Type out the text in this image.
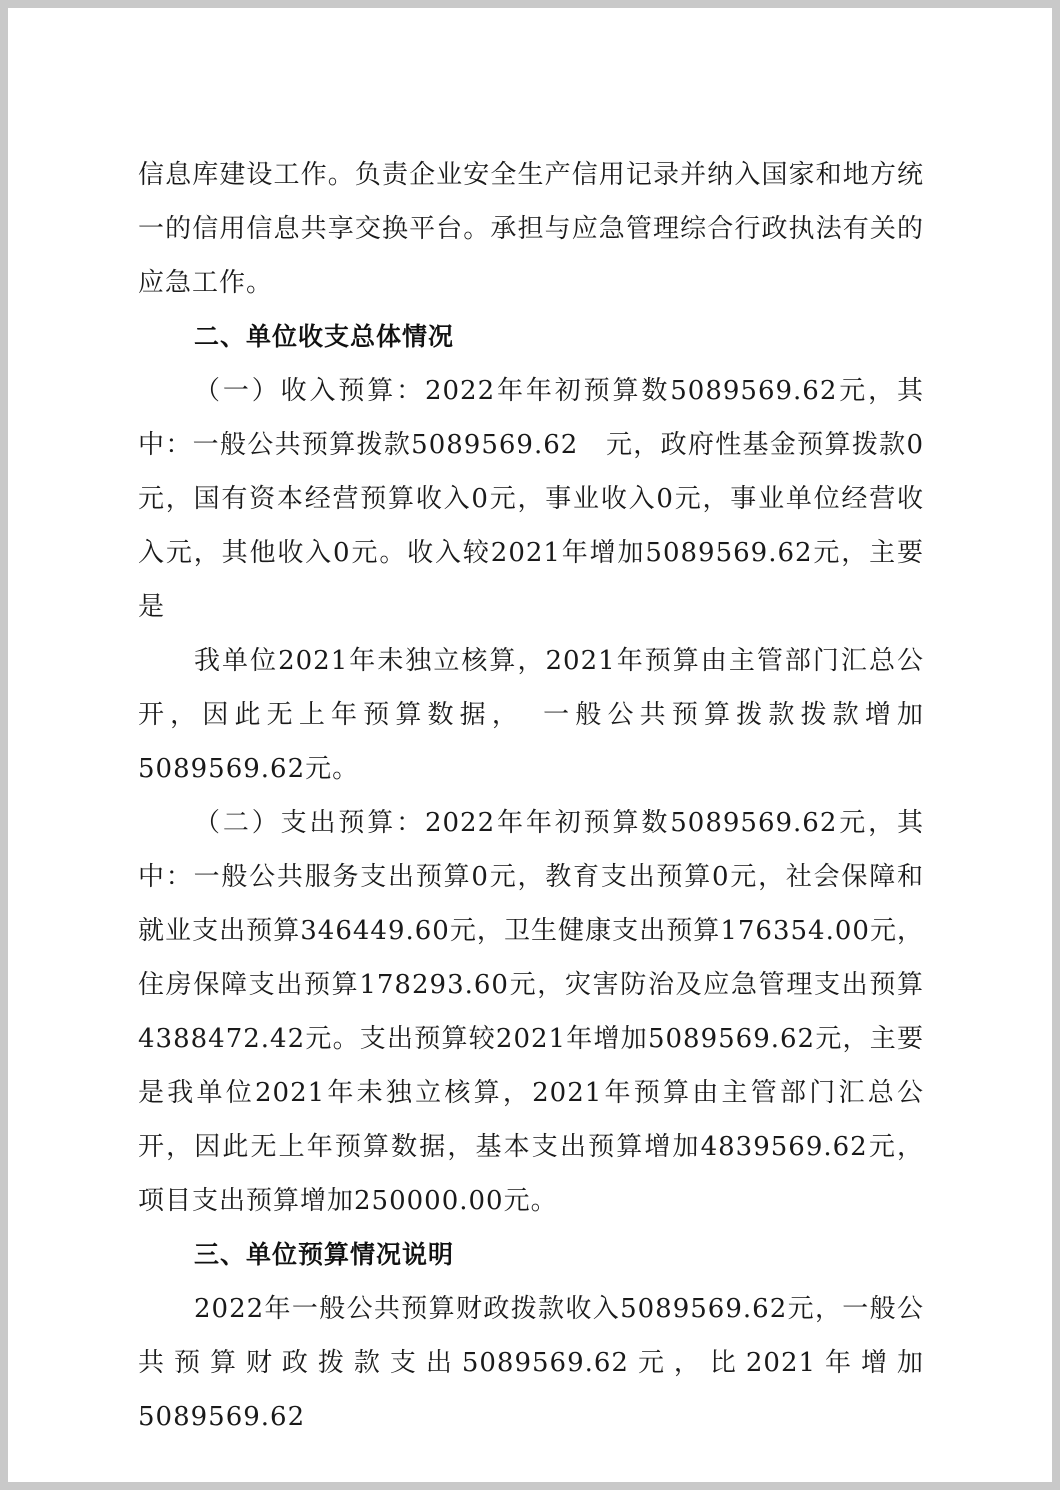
信息库建设工作。负责企业安全生产信用记录并纳入国家和地方统一的信用信息共享交换平台。承担与应急管理综合行政执法有关的应急工作。

二、单位收支总体情况

（一）收入预算：2022年年初预算数5089569.62元，其中：一般公共预算拨款5089569.62　元，政府性基金预算拨款0元，国有资本经营预算收入0元，事业收入0元，事业单位经营收入元，其他收入0元。收入较2021年增加5089569.62元，主要是

我单位2021年未独立核算，2021年预算由主管部门汇总公开，因此无上年预算数据，　一般公共预算拨款拨款增加5089569.62元。

（二）支出预算：2022年年初预算数5089569.62元，其中：一般公共服务支出预算0元，教育支出预算0元，社会保障和就业支出预算346449.60元，卫生健康支出预算176354.00元，住房保障支出预算178293.60元，灾害防治及应急管理支出预算4388472.42元。支出预算较2021年增加5089569.62元，主要是我单位2021年未独立核算，2021年预算由主管部门汇总公开，因此无上年预算数据，基本支出预算增加4839569.62元，项目支出预算增加250000.00元。

三、单位预算情况说明

2022年一般公共预算财政拨款收入5089569.62元，一般公共预算财政拨款支出5089569.62元，比2021年增加5089569.62
